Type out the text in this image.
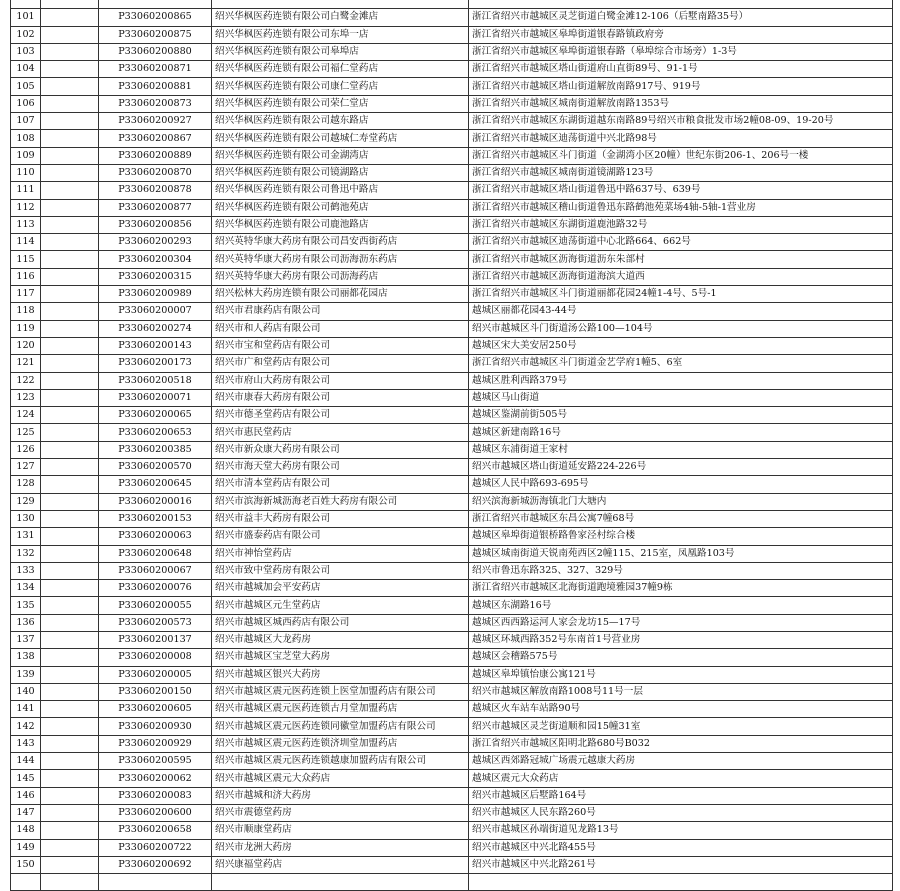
101		P33060200865	绍兴华枫医药连锁有限公司白鹭金滩店	浙江省绍兴市越城区灵芝街道白鹭金滩12-106（后墅南路35号）
102		P33060200875	绍兴华枫医药连锁有限公司东埠一店	浙江省绍兴市越城区皋埠街道银春路镇政府旁
103		P33060200880	绍兴华枫医药连锁有限公司皋埠店	浙江省绍兴市越城区皋埠街道银春路（皋埠综合市场旁）1-3号
104		P33060200871	绍兴华枫医药连锁有限公司福仁堂药店	浙江省绍兴市越城区塔山街道府山直街89号、91-1号
105		P33060200881	绍兴华枫医药连锁有限公司康仁堂药店	浙江省绍兴市越城区塔山街道解放南路917号、919号
106		P33060200873	绍兴华枫医药连锁有限公司荣仁堂店	浙江省绍兴市越城区城南街道解放南路1353号
107		P33060200927	绍兴华枫医药连锁有限公司越东路店	浙江省绍兴市越城区东湖街道越东南路89号绍兴市粮食批发市场2幢08-09、19-20号
108		P33060200867	绍兴华枫医药连锁有限公司越城仁寿堂药店	浙江省绍兴市越城区迪荡街道中兴北路98号
109		P33060200889	绍兴华枫医药连锁有限公司金湖湾店	浙江省绍兴市越城区斗门街道（金湖湾小区20幢）世纪东街206-1、206号一楼
110		P33060200870	绍兴华枫医药连锁有限公司镜湖路店	浙江省绍兴市越城区城南街道镜湖路123号
111		P33060200878	绍兴华枫医药连锁有限公司鲁迅中路店	浙江省绍兴市越城区塔山街道鲁迅中路637号、639号
112		P33060200877	绍兴华枫医药连锁有限公司鹤池苑店	浙江省绍兴市越城区稽山街道鲁迅东路鹤池苑菜场4轴-5轴-1营业房
113		P33060200856	绍兴华枫医药连锁有限公司鹿池路店	浙江省绍兴市越城区东湖街道鹿池路32号
114		P33060200293	绍兴英特华康大药房有限公司昌安西街药店	浙江省绍兴市越城区迪荡街道中心北路664、662号
115		P33060200304	绍兴英特华康大药房有限公司沥海沥东药店	浙江省绍兴市越城区沥海街道沥东朱部村
116		P33060200315	绍兴英特华康大药房有限公司沥海药店	浙江省绍兴市越城区沥海街道海滨大道西
117		P33060200989	绍兴松林大药房连锁有限公司丽都花园店	浙江省绍兴市越城区斗门街道丽都花园24幢1-4号、5号-1
118		P33060200007	绍兴市君康药店有限公司	越城区丽都花园43-44号
119		P33060200274	绍兴市和人药店有限公司	绍兴市越城区斗门街道汤公路100—104号
120		P33060200143	绍兴市宝和堂药店有限公司	越城区宋大美安居250号
121		P33060200173	绍兴市广和堂药店有限公司	浙江省绍兴市越城区斗门街道金艺学府1幢5、6室
122		P33060200518	绍兴市府山大药房有限公司	越城区胜利西路379号
123		P33060200071	绍兴市康春大药房有限公司	越城区马山街道
124		P33060200065	绍兴市德圣堂药店有限公司	越城区鉴湖前街505号
125		P33060200653	绍兴市惠民堂药店	越城区新建南路16号
126		P33060200385	绍兴市新众康大药房有限公司	越城区东浦街道王家村
127		P33060200570	绍兴市海天堂大药房有限公司	绍兴市越城区塔山街道延安路224-226号
128		P33060200645	绍兴市清本堂药店有限公司	越城区人民中路693-695号
129		P33060200016	绍兴市滨海新城沥海老百姓大药房有限公司	绍兴滨海新城沥海镇北门大塘内
130		P33060200153	绍兴市益丰大药房有限公司	浙江省绍兴市越城区东昌公寓7幢68号
131		P33060200063	绍兴市盛泰药店有限公司	越城区皋埠街道银桥路鲁家泾村综合楼
132		P33060200648	绍兴市神怡堂药店	越城区城南街道天锐南苑西区2幢115、215室，凤凰路103号
133		P33060200067	绍兴市致中堂药房有限公司	绍兴市鲁迅东路325、327、329号
134		P33060200076	绍兴市越城加会平安药店	浙江省绍兴市越城区北海街道跑境雅园37幢9栋
135		P33060200055	绍兴市越城区元生堂药店	越城区东湖路16号
136		P33060200573	绍兴市越城区城西药店有限公司	越城区西西路运河人家会龙坊15—17号
137		P33060200137	绍兴市越城区大龙药房	越城区环城西路352号东南首1号营业房
138		P33060200008	绍兴市越城区宝芝堂大药房	越城区会稽路575号
139		P33060200005	绍兴市越城区银兴大药房	越城区皋埠镇怡康公寓121号
140		P33060200150	绍兴市越城区震元医药连锁上医堂加盟药店有限公司	绍兴市越城区解放南路1008号11号一层
141		P33060200605	绍兴市越城区震元医药连锁古月堂加盟药店	越城区火车站车站路90号
142		P33060200930	绍兴市越城区震元医药连锁同徽堂加盟药店有限公司	绍兴市越城区灵芝街道顺和园15幢31室
143		P33060200929	绍兴市越城区震元医药连锁济圳堂加盟药店	浙江省绍兴市越城区阳明北路680号B032
144		P33060200595	绍兴市越城区震元医药连锁越康加盟药店有限公司	越城区西郊路冠城广场震元越康大药房
145		P33060200062	绍兴市越城区震元大众药店	越城区震元大众药店
146		P33060200083	绍兴市越城和济大药房	绍兴市越城区后墅路164号
147		P33060200600	绍兴市震德堂药房	绍兴市越城区人民东路260号
148		P33060200658	绍兴市顺康堂药店	绍兴市越城区孙端街道见龙路13号
149		P33060200722	绍兴市龙洲大药房	绍兴市越城区中兴北路455号
150		P33060200692	绍兴康福堂药店	绍兴市越城区中兴北路261号
